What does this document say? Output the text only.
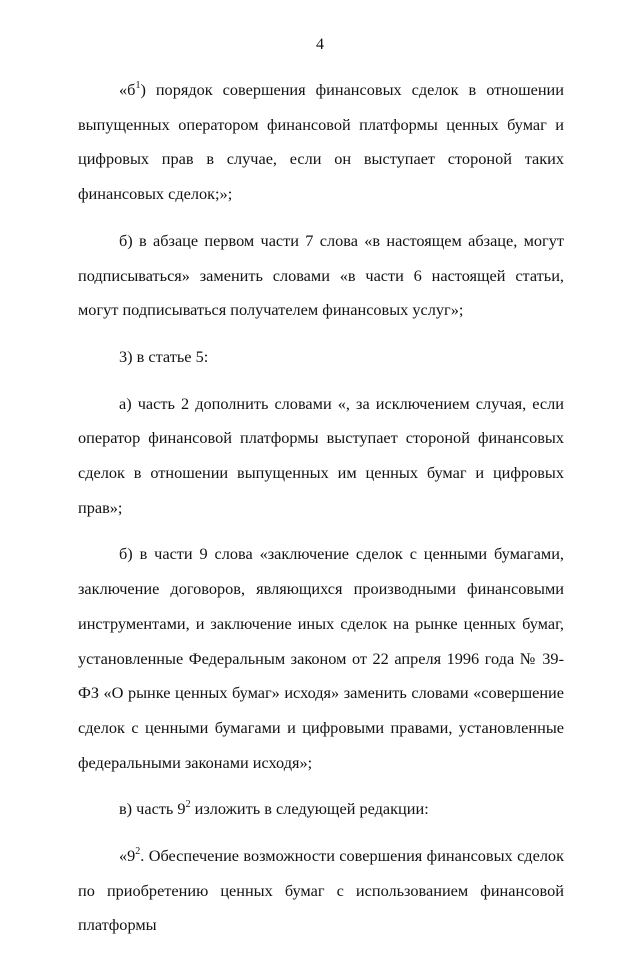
4

«$б^1$) порядок совершения финансовых сделок в отношении выпущенных оператором финансовой платформы ценных бумаг и цифровых прав в случае, если он выступает стороной таких финансовых сделок;»;

б) в абзаце первом части 7 слова «в настоящем абзаце, могут подписываться» заменить словами «в части 6 настоящей статьи, могут подписываться получателем финансовых услуг»;

3) в статье 5:

а) часть 2 дополнить словами «, за исключением случая, если оператор финансовой платформы выступает стороной финансовых сделок в отношении выпущенных им ценных бумаг и цифровых прав»;

б) в части 9 слова «заключение сделок с ценными бумагами, заключение договоров, являющихся производными финансовыми инструментами, и заключение иных сделок на рынке ценных бумаг, установленные Федеральным законом от 22 апреля 1996 года № 39-ФЗ «О рынке ценных бумаг» исходя» заменить словами «совершение сделок с ценными бумагами и цифровыми правами, установленные федеральными законами исходя»;

в) часть $9^2$ изложить в следующей редакции:

«$9^2$. Обеспечение возможности совершения финансовых сделок по приобретению ценных бумаг с использованием финансовой платформы
